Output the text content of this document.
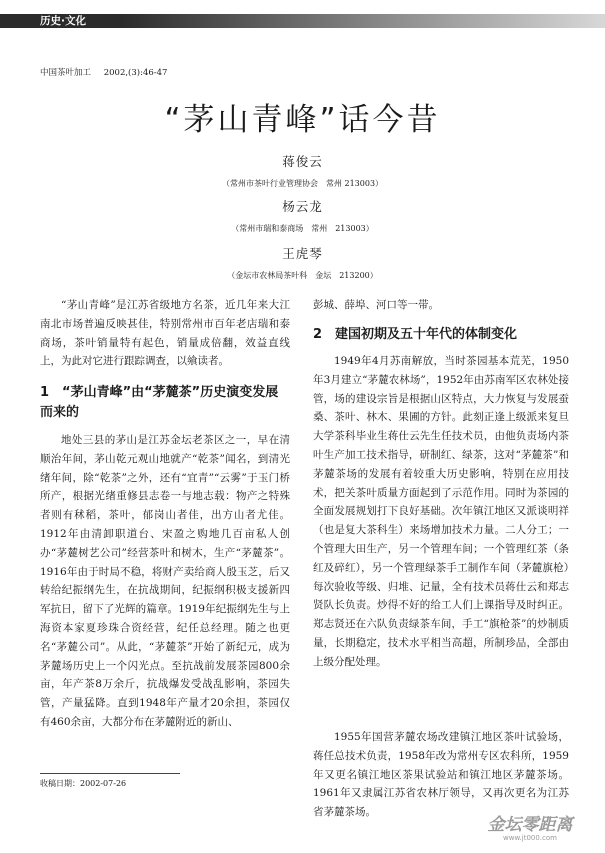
历史·文化
中国茶叶加工 2002,(3):46-47
“茅山青峰”话今昔
蒋俊云
（常州市茶叶行业管理协会　常州 213003）
杨云龙
（常州市瑞和泰商场　常州　213003）
王虎琴
（金坛市农林局茶叶科　金坛　213200）

“茅山青峰”是江苏省级地方名茶，近几年来大江南北市场普遍反映甚佳，特别常州市百年老店瑞和泰商场，茶叶销量特有起色，销量成倍翻，效益直线上，为此对它进行跟踪调查，以飨读者。

1　“茅山青峰”由“茅麓茶”历史演变发展而来的

地处三县的茅山是江苏金坛老茶区之一，早在清顺治年间，茅山乾元观山地就产“乾茶”闻名，到清光绪年间，除“乾茶”之外，还有“宜青”“云雾”于玉门桥所产，根据光绪重修县志卷一与地志载：物产之特殊者则有秫稻，茶叶，郁岗山者佳，出方山者尤佳。1912年由清卸职道台、宋盈之购地几百亩私人创办“茅麓树艺公司”经营茶叶和树木，生产“茅麓茶”。1916年由于时局不稳，将财产卖给商人殷玉芝，后又转给纪振纲先生，在抗战期间，纪振纲积极支援新四军抗日，留下了光辉的篇章。1919年纪振纲先生与上海资本家夏珍珠合资经营，纪任总经理。随之也更名“茅麓公司”。从此，“茅麓茶”开始了新纪元，成为茅麓场历史上一个闪光点。至抗战前发展茶园800余亩，年产茶8万余斤，抗战爆发受战乱影响，茶园失管，产量猛降。直到1948年产量才20余担，茶园仅有460余亩，大都分布在茅麓附近的新山、

彭城、薛埠、河口等一带。

2　建国初期及五十年代的体制变化

1949年4月苏南解放，当时茶园基本荒芜，1950年3月建立“茅麓农林场”，1952年由苏南军区农林处接管，场的建设宗旨是根据山区特点，大力恢复与发展蚕桑、茶叶、林木、果圃的方针。此刻正逢上级派来复旦大学茶科毕业生蒋仕云先生任技术员，由他负责场内茶叶生产加工技术指导，研制红、绿茶，这对“茅麓茶”和茅麓茶场的发展有着较重大历史影响，特别在应用技术，把关茶叶质量方面起到了示范作用。同时为茶园的全面发展规划打下良好基础。次年镇江地区又派谈明祥（也是复大茶科生）来场增加技术力量。二人分工；一个管理大田生产，另一个管理车间；一个管理红茶（条红及碎红），另一个管理绿茶手工制作车间（茅麓旗枪）每次验收等级、归堆、记量，全有技术员蒋仕云和郑志贤队长负责。炒得不好的给工人们上课指导及时纠正。郑志贤还在六队负责绿茶车间，手工“旗枪茶”的炒制质量，长期稳定，技术水平相当高超，所制珍品，全部由上级分配处理。

1955年国营茅麓农场改建镇江地区茶叶试验场，蒋任总技术负责，1958年改为常州专区农科所，1959年又更名镇江地区茶果试验站和镇江地区茅麓茶场。1961年又隶属江苏省农林厅领导，又再次更名为江苏省茅麓茶场。

收稿日期：2002-07-26
金坛零距离
www.jt000.com
